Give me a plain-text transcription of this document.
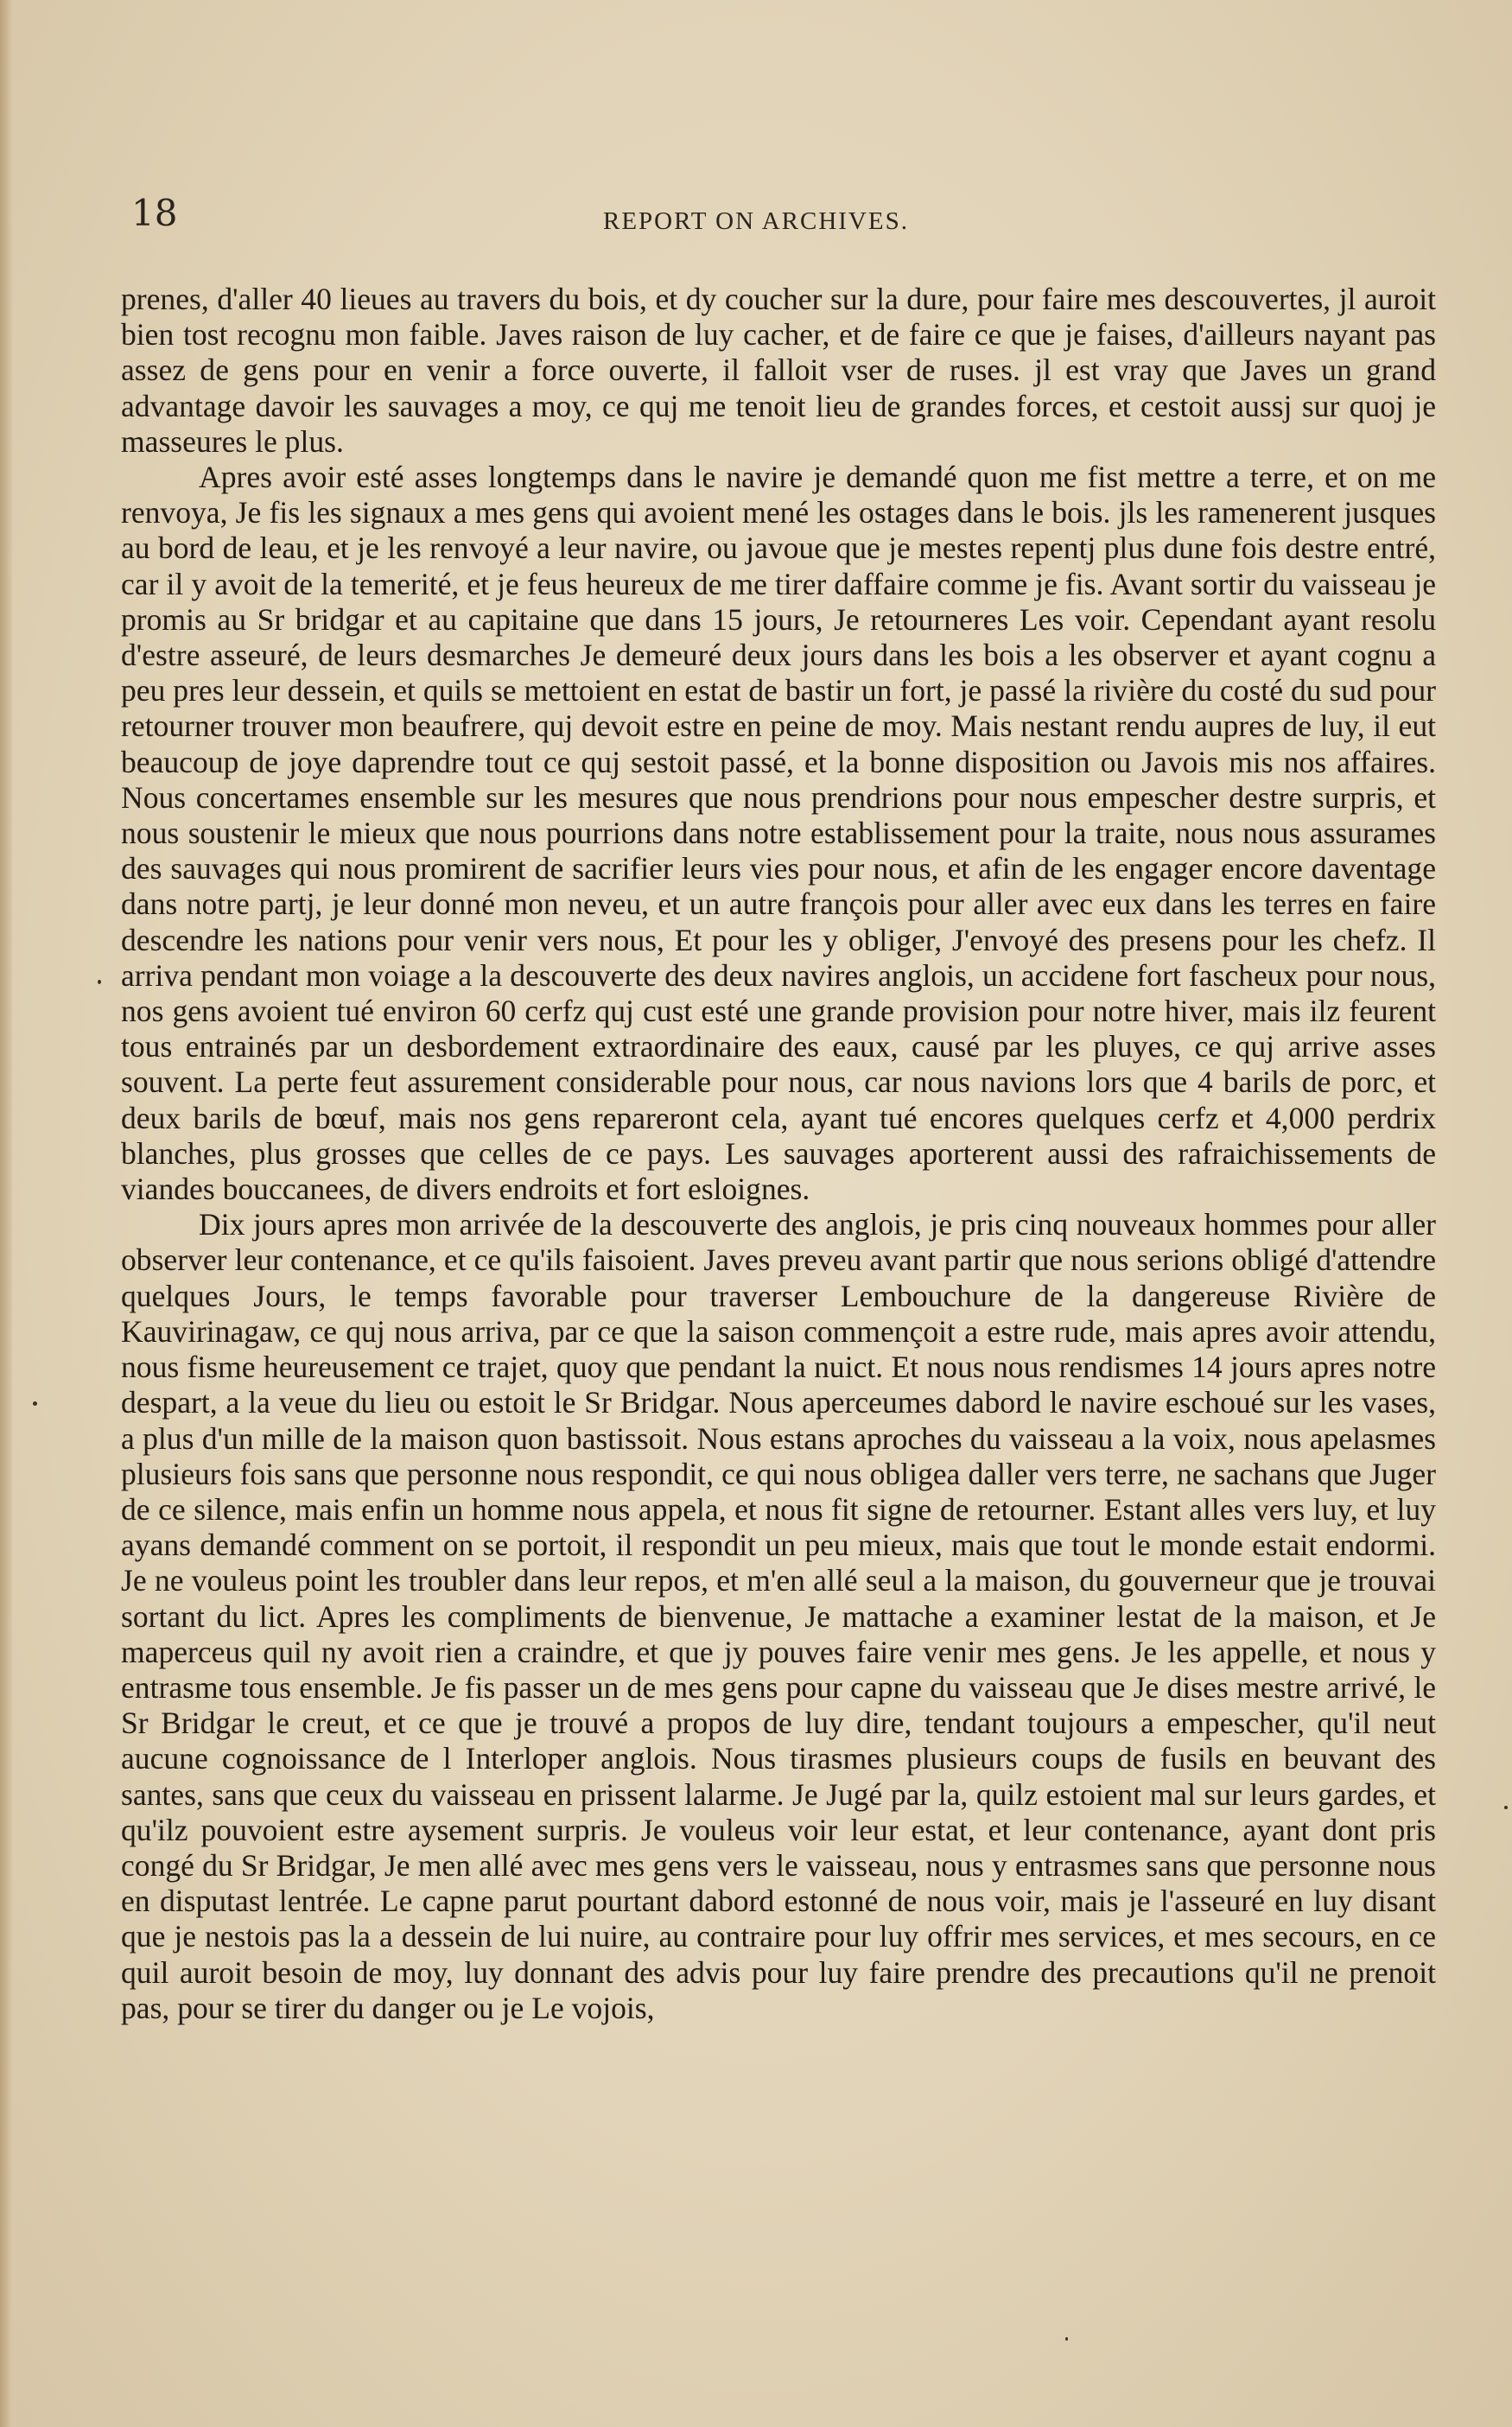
18	REPORT ON ARCHIVES.

prenes, d'aller 40 lieues au travers du bois, et dy coucher sur la dure, pour faire mes descouvertes, jl auroit bien tost recognu mon faible. Javes raison de luy cacher, et de faire ce que je faises, d'ailleurs nayant pas assez de gens pour en venir a force ouverte, il falloit vser de ruses. jl est vray que Javes un grand advantage davoir les sauvages a moy, ce quj me tenoit lieu de grandes forces, et cestoit aussj sur quoj je masseures le plus.

Apres avoir esté asses longtemps dans le navire je demandé quon me fist mettre a terre, et on me renvoya, Je fis les signaux a mes gens qui avoient mené les ostages dans le bois. jls les ramenerent jusques au bord de leau, et je les renvoyé a leur navire, ou javoue que je mestes repentj plus dune fois destre entré, car il y avoit de la temerité, et je feus heureux de me tirer daffaire comme je fis. Avant sortir du vaisseau je promis au Sr bridgar et au capitaine que dans 15 jours, Je retourneres Les voir. Cependant ayant resolu d'estre asseuré, de leurs desmarches Je demeuré deux jours dans les bois a les observer et ayant cognu a peu pres leur dessein, et quils se mettoient en estat de bastir un fort, je passé la rivière du costé du sud pour retourner trouver mon beaufrere, quj devoit estre en peine de moy. Mais nestant rendu aupres de luy, il eut beaucoup de joye daprendre tout ce quj sestoit passé, et la bonne disposition ou Javois mis nos affaires. Nous concertames ensemble sur les mesures que nous prendrions pour nous empescher destre surpris, et nous soustenir le mieux que nous pourrions dans notre establissement pour la traite, nous nous assurames des sauvages qui nous promirent de sacrifier leurs vies pour nous, et afin de les engager encore daventage dans notre partj, je leur donné mon neveu, et un autre françois pour aller avec eux dans les terres en faire descendre les nations pour venir vers nous, Et pour les y obliger, J'envoyé des presens pour les chefz. Il arriva pendant mon voiage a la descouverte des deux navires anglois, un accidene fort fascheux pour nous, nos gens avoient tué environ 60 cerfz quj cust esté une grande provision pour notre hiver, mais ilz feurent tous entrainés par un desbordement extraordinaire des eaux, causé par les pluyes, ce quj arrive asses souvent. La perte feut assurement considerable pour nous, car nous navions lors que 4 barils de porc, et deux barils de bœuf, mais nos gens repareront cela, ayant tué encores quelques cerfz et 4,000 perdrix blanches, plus grosses que celles de ce pays. Les sauvages aporterent aussi des rafraichissements de viandes bouccanees, de divers endroits et fort esloignes.

Dix jours apres mon arrivée de la descouverte des anglois, je pris cinq nouveaux hommes pour aller observer leur contenance, et ce qu'ils faisoient. Javes preveu avant partir que nous serions obligé d'attendre quelques Jours, le temps favorable pour traverser Lembouchure de la dangereuse Rivière de Kauvirinagaw, ce quj nous arriva, par ce que la saison commençoit a estre rude, mais apres avoir attendu, nous fisme heureusement ce trajet, quoy que pendant la nuict. Et nous nous rendismes 14 jours apres notre despart, a la veue du lieu ou estoit le Sr Bridgar. Nous aperceumes dabord le navire eschoué sur les vases, a plus d'un mille de la maison quon bastissoit. Nous estans aproches du vaisseau a la voix, nous apelasmes plusieurs fois sans que personne nous respondit, ce qui nous obligea daller vers terre, ne sachans que Juger de ce silence, mais enfin un homme nous appela, et nous fit signe de retourner. Estant alles vers luy, et luy ayans demandé comment on se portoit, il respondit un peu mieux, mais que tout le monde estait endormi. Je ne vouleus point les troubler dans leur repos, et m'en allé seul a la maison, du gouverneur que je trouvai sortant du lict. Apres les compliments de bienvenue, Je mattache a examiner lestat de la maison, et Je maperceus quil ny avoit rien a craindre, et que jy pouves faire venir mes gens. Je les appelle, et nous y entrasme tous ensemble. Je fis passer un de mes gens pour capne du vaisseau que Je dises mestre arrivé, le Sr Bridgar le creut, et ce que je trouvé a propos de luy dire, tendant toujours a empescher, qu'il neut aucune cognoissance de l Interloper anglois. Nous tirasmes plusieurs coups de fusils en beuvant des santes, sans que ceux du vaisseau en prissent lalarme. Je Jugé par la, quilz estoient mal sur leurs gardes, et qu'ilz pouvoient estre aysement surpris. Je vouleus voir leur estat, et leur contenance, ayant dont pris congé du Sr Bridgar, Je men allé avec mes gens vers le vaisseau, nous y entrasmes sans que personne nous en disputast lentrée. Le capne parut pourtant dabord estonné de nous voir, mais je l'asseuré en luy disant que je nestois pas la a dessein de lui nuire, au contraire pour luy offrir mes services, et mes secours, en ce quil auroit besoin de moy, luy donnant des advis pour luy faire prendre des precautions qu'il ne prenoit pas, pour se tirer du danger ou je Le vojois,
